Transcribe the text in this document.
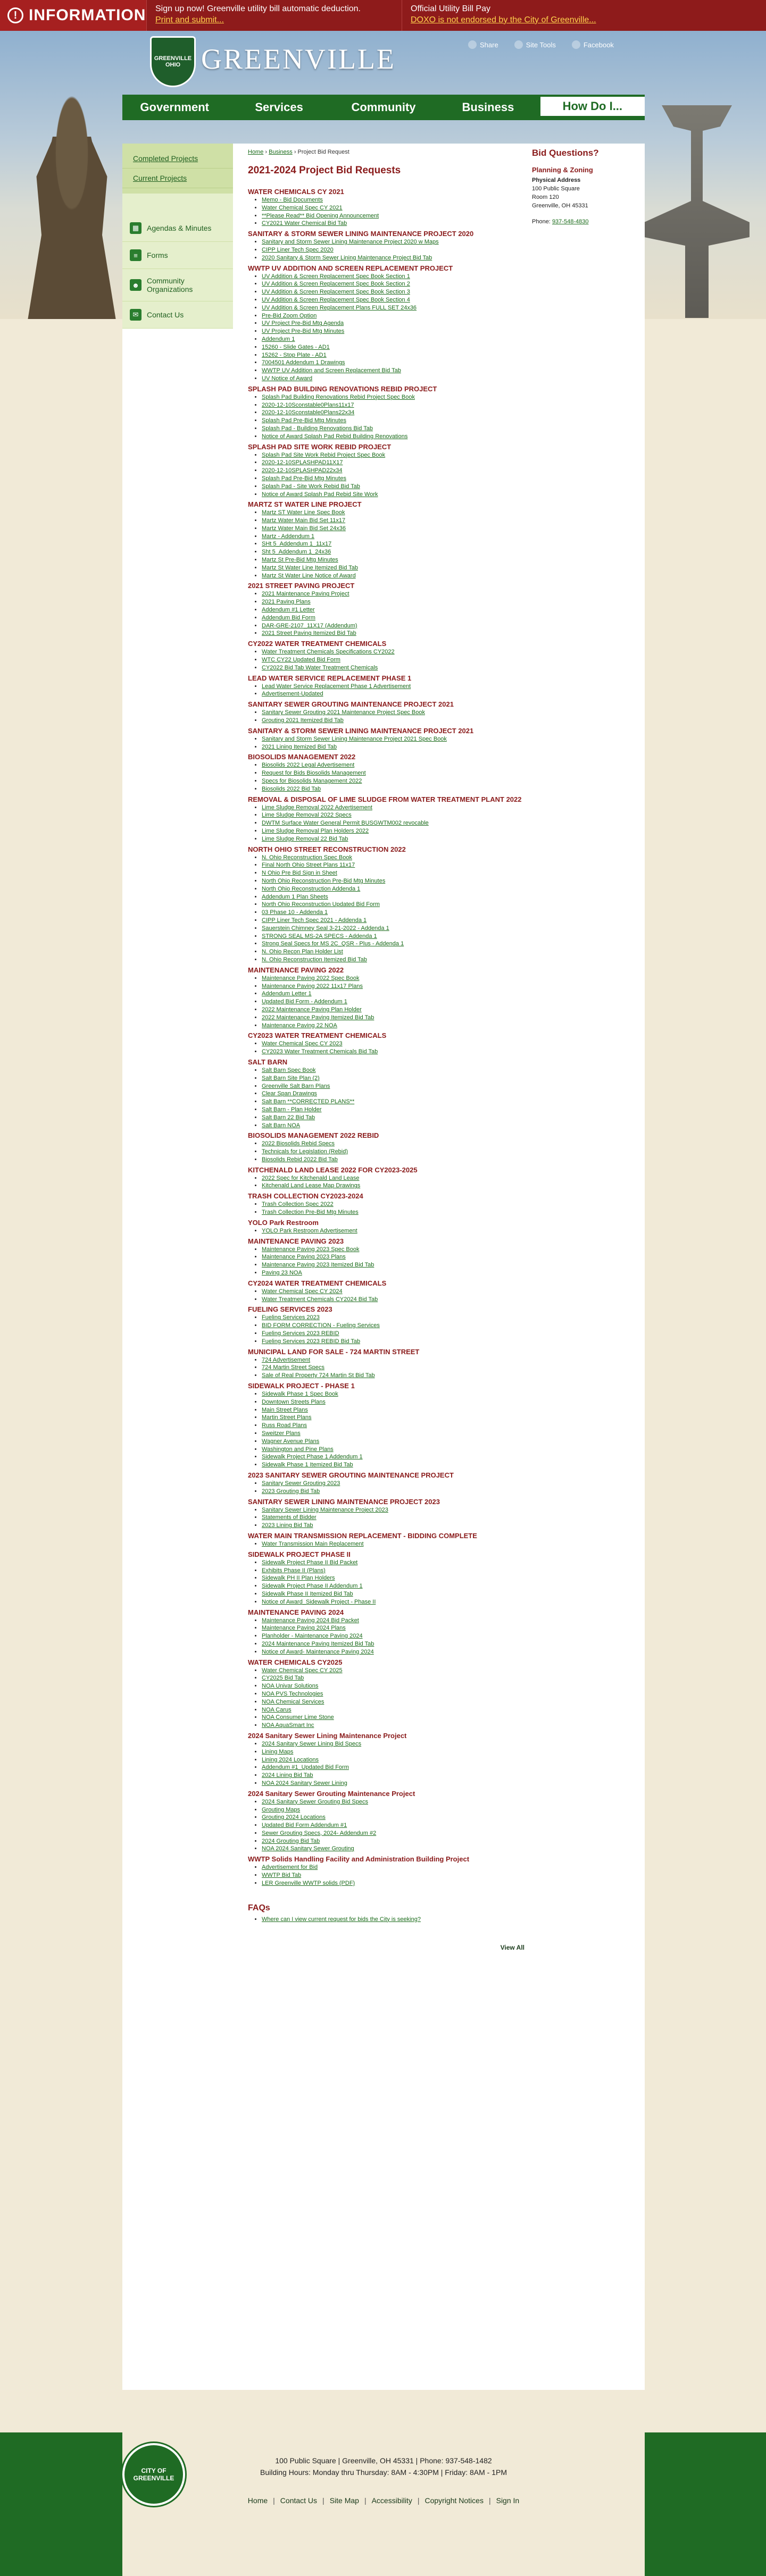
! INFORMATION	Sign up now! Greenville utility bill automatic deduction.
Print and submit...
Official Utility Bill Pay
DOXO is not endorsed by the City of Greenville...
GREENVILLE OHIO GREENVILLE	Share	Site Tools	Facebook
Government	Services	Community	Business	How Do I...
Completed Projects
Current Projects
▦	Agendas & Minutes
≡	Forms
☻ Community Organizations
✉	Contact Us
Home › Business › Project Bid Request
2021-2024 Project Bid Requests
WATER CHEMICALS CY 2021
• Memo - Bid Documents
• Water Chemical Spec CY 2021
• **Please Read** Bid Opening Announcement
• CY2021 Water Chemical Bid Tab
SANITARY & STORM SEWER LINING MAINTENANCE PROJECT 2020
• Sanitary and Storm Sewer Lining Maintenance Project 2020 w Maps
• CIPP Liner Tech Spec 2020
• 2020 Sanitary & Storm Sewer Lining Maintenance Project Bid Tab
WWTP UV ADDITION AND SCREEN REPLACEMENT PROJECT
• UV Addition & Screen Replacement Spec Book Section 1
• UV Addition & Screen Replacement Spec Book Section 2
• UV Addition & Screen Replacement Spec Book Section 3
• UV Addition & Screen Replacement Spec Book Section 4
• UV Addition & Screen Replacement Plans FULL SET 24x36
• Pre-Bid Zoom Option
• UV Project Pre-Bid Mtg Agenda
• UV Project Pre-Bid Mtg Minutes
• Addendum 1
• 15260 - Slide Gates - AD1
• 15262 - Stop Plate - AD1
• 7004501 Addendum 1 Drawings
• WWTP UV Addition and Screen Replacement Bid Tab
• UV Notice of Award
SPLASH PAD BUILDING RENOVATIONS REBID PROJECT
• Splash Pad Building Renovations Rebid Project Spec Book
• 2020-12-10Sconstable0Plans11x17
• 2020-12-10Sconstable0Plans22x34
• Splash Pad Pre-Bid Mtg Minutes
• Splash Pad - Building Renovations Bid Tab
• Notice of Award Splash Pad Rebid Building Renovations
SPLASH PAD SITE WORK REBID PROJECT
• Splash Pad Site Work Rebid Project Spec Book
• 2020-12-10SPLASHPAD11X17
• 2020-12-10SPLASHPAD22x34
• Splash Pad Pre-Bid Mtg Minutes
• Splash Pad - Site Work Rebid Bid Tab
• Notice of Award Splash Pad Rebid Site Work
MARTZ ST WATER LINE PROJECT
• Martz ST Water Line Spec Book
• Martz Water Main Bid Set 11x17
• Martz Water Main Bid Set 24x36
• Martz - Addendum 1
• SHt 5_Addendum 1_11x17
• Sht 5_Addendum 1_24x36
• Martz St Pre-Bid Mtg Minutes
• Martz St Water Line Itemized Bid Tab
• Martz St Water Line Notice of Award
2021 STREET PAVING PROJECT
• 2021 Maintenance Paving Project
• 2021 Paving Plans
• Addendum #1 Letter
• Addendum Bid Form
• DAR-GRE-2107_11X17 (Addendum)
• 2021 Street Paving Itemized Bid Tab
CY2022 WATER TREATMENT CHEMICALS
• Water Treatment Chemicals Specifications CY2022
• WTC CY22 Updated Bid Form
• CY2022 Bid Tab Water Treatment Chemicals
LEAD WATER SERVICE REPLACEMENT PHASE 1
• Lead Water Service Replacement Phase 1 Advertisement
• Advertisement-Updated
SANITARY SEWER GROUTING MAINTENANCE PROJECT 2021
• Sanitary Sewer Grouting 2021 Maintenance Project Spec Book
• Grouting 2021 Itemized Bid Tab
SANITARY & STORM SEWER LINING MAINTENANCE PROJECT 2021
• Sanitary and Storm Sewer Lining Maintenance Project 2021 Spec Book
• 2021 Lining Itemized Bid Tab
BIOSOLIDS MANAGEMENT 2022
• Biosolids 2022 Legal Advertisement
• Request for Bids Biosolids Management
• Specs for Biosolids Management 2022
• Biosolids 2022 Bid Tab
REMOVAL & DISPOSAL OF LIME SLUDGE FROM WATER TREATMENT PLANT 2022
• Lime Sludge Removal 2022 Advertisement
• Lime Sludge Removal 2022 Specs
• DWTM Surface Water General Permit BUSGWTM002 revocable
• Lime Sludge Removal Plan Holders 2022
• Lime Sludge Removal 22 Bid Tab
NORTH OHIO STREET RECONSTRUCTION 2022
• N. Ohio Reconstruction Spec Book
• Final North Ohio Street Plans 11x17
• N Ohio Pre Bid Sign in Sheet
• North Ohio Reconstruction Pre-Bid Mtg Minutes
• North Ohio Reconstruction Addenda 1
• Addendum 1 Plan Sheets
• North Ohio Reconstruction Updated Bid Form
• 03 Phase 10 - Addenda 1
• CIPP Liner Tech Spec 2021 - Addenda 1
• Sauerstein Chimney Seal 3-21-2022 - Addenda 1
• STRONG SEAL MS-2A SPECS - Addenda 1
• Strong Seal Specs for MS 2C_QSR - Plus - Addenda 1
• N. Ohio Recon Plan Holder List
• N. Ohio Reconstruction Itemized Bid Tab
MAINTENANCE PAVING 2022
• Maintenance Paving 2022 Spec Book
• Maintenance Paving 2022 11x17 Plans
• Addendum Letter 1
• Updated Bid Form - Addendum 1
• 2022 Maintenance Paving Plan Holder
• 2022 Maintenance Paving Itemized Bid Tab
• Maintenance Paving 22 NOA
CY2023 WATER TREATMENT CHEMICALS
• Water Chemical Spec CY 2023
• CY2023 Water Treatment Chemicals Bid Tab
SALT BARN
• Salt Barn Spec Book
• Salt Barn Site Plan (2)
• Greenville Salt Barn Plans
• Clear Span Drawings
• Salt Barn **CORRECTED PLANS**
• Salt Barn - Plan Holder
• Salt Barn 22 Bid Tab
• Salt Barn NOA
BIOSOLIDS MANAGEMENT 2022 REBID
• 2022 Biosolids Rebid Specs
• Technicals for Legislation (Rebid)
• Biosolids Rebid 2022 Bid Tab
KITCHENALD LAND LEASE 2022 FOR CY2023-2025
• 2022 Spec for Kitchenald Land Lease
• Kitchenald Land Lease Map Drawings
TRASH COLLECTION CY2023-2024
• Trash Collection Spec 2022
• Trash Collection Pre-Bid Mtg Minutes
YOLO Park Restroom
• YOLO Park Restroom Advertisement
MAINTENANCE PAVING 2023
• Maintenance Paving 2023 Spec Book
• Maintenance Paving 2023 Plans
• Maintenance Paving 2023 Itemized Bid Tab
• Paving 23 NOA
CY2024 WATER TREATMENT CHEMICALS
• Water Chemical Spec CY 2024
• Water Treatment Chemicals CY2024 Bid Tab
FUELING SERVICES 2023
• Fueling Services 2023
• BID FORM CORRECTION - Fueling Services
• Fueling Services 2023 REBID
• Fueling Services 2023 REBID Bid Tab
MUNICIPAL LAND FOR SALE - 724 MARTIN STREET
• 724 Advertisement
• 724 Martin Street Specs
• Sale of Real Property 724 Martin St Bid Tab
SIDEWALK PROJECT - PHASE 1
• Sidewalk Phase 1 Spec Book
• Downtown Streets Plans
• Main Street Plans
• Martin Street Plans
• Russ Road Plans
• Sweitzer Plans
• Wagner Avenue Plans
• Washington and Pine Plans
• Sidewalk Project Phase 1 Addendum 1
• Sidewalk Phase 1 Itemized Bid Tab
2023 SANITARY SEWER GROUTING MAINTENANCE PROJECT
• Sanitary Sewer Grouting 2023
• 2023 Grouting Bid Tab
SANITARY SEWER LINING MAINTENANCE PROJECT 2023
• Sanitary Sewer Lining Maintenance Project 2023
• Statements of Bidder
• 2023 Lining Bid Tab
WATER MAIN TRANSMISSION REPLACEMENT - BIDDING COMPLETE
• Water Transmission Main Replacement
SIDEWALK PROJECT PHASE II
• Sidewalk Project Phase II Bid Packet
• Exhibits Phase II (Plans)
• Sidewalk PH II Plan Holders
• Sidewalk Project Phase II Addendum 1
• Sidewalk Phase II Itemized Bid Tab
• Notice of Award_Sidewalk Project - Phase II
MAINTENANCE PAVING 2024
• Maintenance Paving 2024 Bid Packet
• Maintenance Paving 2024 Plans
• Planholder - Maintenance Paving 2024
• 2024 Maintenance Paving Itemized Bid Tab
• Notice of Award- Maintenance Paving 2024
WATER CHEMICALS CY2025
• Water Chemical Spec CY 2025
• CY2025 Bid Tab
• NOA Univar Solutions
• NOA PVS Technologies
• NOA Chemical Services
• NOA Carus
• NOA Consumer Lime Stone
• NOA AquaSmart Inc
2024 Sanitary Sewer Lining Maintenance Project
• 2024 Sanitary Sewer Lining Bid Specs
• Lining Maps
• Lining 2024 Locations
• Addendum #1_Updated Bid Form
• 2024 Lining Bid Tab
• NOA 2024 Sanitary Sewer Lining
2024 Sanitary Sewer Grouting Maintenance Project
• 2024 Sanitary Sewer Grouting Bid Specs
• Grouting Maps
• Grouting 2024 Locations
• Updated Bid Form Addendum #1
• Sewer Grouting Specs, 2024- Addendum #2
• 2024 Grouting Bid Tab
• NOA 2024 Sanitary Sewer Grouting
WWTP Solids Handling Facility and Administration Building Project
• Advertisement for Bid
• WWTP Bid Tab
• LER Greenville WWTP solids (PDF)
FAQs
• Where can I view current request for bids the City is seeking?
View All
Bid Questions?
Planning & Zoning
Physical Address
100 Public Square
Room 120
Greenville, OH 45331
Phone: 937-548-4830
CITY OF GREENVILLE
100 Public Square | Greenville, OH 45331 | Phone: 937-548-1482
Building Hours: Monday thru Thursday: 8AM - 4:30PM | Friday: 8AM - 1PM
Home | Contact Us | Site Map | Accessibility | Copyright Notices | Sign In
